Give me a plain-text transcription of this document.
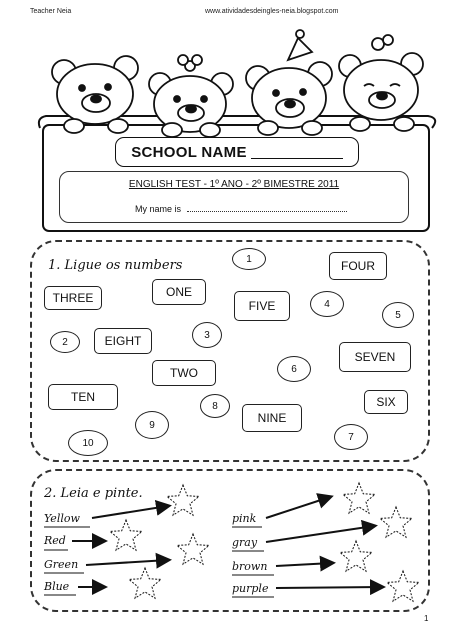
Teacher Neia	www.atividadesdeingles-neia.blogspot.com
SCHOOL NAME
ENGLISH TEST - 1º ANO - 2º BIMESTRE 2011
My name is
1. Ligue os numbers
THREE	ONE
FIVE
FOUR
EIGHT
SEVEN
TWO
TEN
NINE
SIX
1
4
5
2
3
6
8
9
7
10
2. Leia e pinte.
Yellow
Red
Green
Blue
pink
gray
brown
purple
1
